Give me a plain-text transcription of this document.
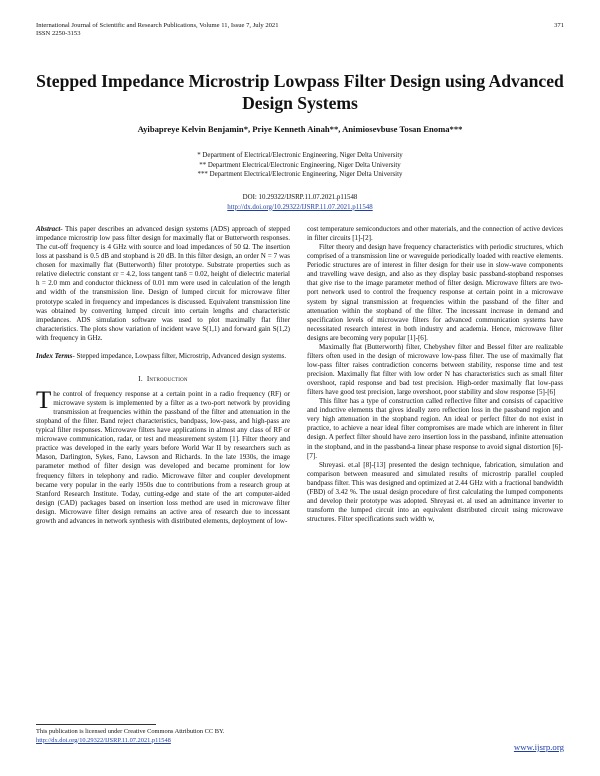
International Journal of Scientific and Research Publications, Volume 11, Issue 7, July 2021
ISSN 2250-3153
371
Stepped Impedance Microstrip Lowpass Filter Design using Advanced Design Systems
Ayibapreye Kelvin Benjamin*, Priye Kenneth Ainah**, Animiosevbuse Tosan Enoma***
* Department of Electrical/Electronic Engineering, Niger Delta University
** Department Electrical/Electronic Engineering, Niger Delta University
*** Department Electrical/Electronic Engineering, Niger Delta University
DOI: 10.29322/IJSRP.11.07.2021.p11548
http://dx.doi.org/10.29322/IJSRP.11.07.2021.p11548

Abstract- This paper describes an advanced design systems (ADS) approach of stepped impedance microstrip low pass filter design for maximally flat or Butterworth responses. The cut-off frequency is 4 GHz with source and load impedances of 50 Ω. The insertion loss at passband is 0.5 dB and stopband is 20 dB. In this filter design, an order N = 7 was chosen for maximally flat (Butterworth) filter prototype. Substrate properties such as relative dielectric constant εr = 4.2, loss tangent tanδ = 0.02, height of dielectric material h = 2.0 mm and conductor thickness of 0.01 mm were used in calculation of the length and width of the transmission line. Design of lumped circuit for microwave filter prototype scaled in frequency and impedances is discussed. Equivalent transmission line was obtained by converting lumped circuit into certain lengths and characteristic impedances. ADS simulation software was used to plot maximally flat filter characteristics. The plots show variation of incident wave S(1,1) and forward gain S(1,2) with frequency in GHz.

Index Terms- Stepped impedance, Lowpass filter, Microstrip, Advanced design systems.

I. Introduction

The control of frequency response at a certain point in a radio frequency (RF) or microwave system is implemented by a filter as a two-port network by providing transmission at frequencies within the passband of the filter and attenuation in the stopband of the filter. Band reject characteristics, bandpass, low-pass, and high-pass are typical filter responses. Microwave filters have applications in almost any class of RF or microwave communication, radar, or test and measurement system [1]. Filter theory and practice was developed in the early years before World War II by researchers such as Mason, Darlington, Sykes, Fano, Lawson and Richards. In the late 1930s, the image parameter method of filter design was developed and became prominent for low frequency filters in telephony and radio. Microwave filter and coupler development became very popular in the early 1950s due to contributions from a research group at Stanford Research Institute. Today, cutting-edge and state of the art computer-aided design (CAD) packages based on insertion loss method are used in microwave filter design. Microwave filter design remains an active area of research due to incessant growth and advances in network synthesis with distributed elements, deployment of low-

cost temperature semiconductors and other materials, and the connection of active devices in filter circuits [1]-[2].

Filter theory and design have frequency characteristics with periodic structures, which comprised of a transmission line or waveguide periodically loaded with reactive elements. Periodic structures are of interest in filter design for their use in slow-wave components and travelling wave design, and also as they display basic passband-stopband responses that give rise to the image parameter method of filter design. Microwave filters are two-port network used to control the frequency response at certain point in a microwave system by signal transmission at frequencies within the passband of the filter and attenuation within the stopband of the filter. The incessant increase in demand and specification levels of microwave filters for advanced communication systems have necessitated research interest in both industry and academia. Hence, microwave filter designs are becoming very popular [1]-[6].

Maximally flat (Butterworth) filter, Chebyshev filter and Bessel filter are realizable filters often used in the design of microwave low-pass filter. The use of maximally flat low-pass filter raises contradiction concerns between stability, response time and test precision. Maximally flat filter with low order N has characteristics such as small filter overshoot, rapid response and bad test precision. High-order maximally flat low-pass filters have good test precision, large overshoot, poor stability and slow response [5]-[6]

This filter has a type of construction called reflective filter and consists of capacitive and inductive elements that gives ideally zero reflection loss in the passband region and very high attenuation in the stopband region. An ideal or perfect filter do not exist in practice, to achieve a near ideal filter compromises are made which are inherent in filter design. A perfect filter should have zero insertion loss in the passband, infinite attenuation in the stopband, and in the passband-a linear phase response to avoid signal distortion [6]-[7].

Shreyasi. et.al [8]-[13] presented the design technique, fabrication, simulation and comparison between measured and simulated results of microstrip parallel coupled bandpass filter. This was designed and optimized at 2.44 GHz with a fractional bandwidth (FBD) of 3.42 %. The usual design procedure of first calculating the lumped components and develop their prototype was adopted. Shreyasi et. al used an admittance inverter to transform the lumped circuit into an equivalent distributed circuit using microwave structures. Filter specifications such width w,

This publication is licensed under Creative Commons Attribution CC BY.
http://dx.doi.org/10.29322/IJSRP.11.07.2021.p11548
www.ijsrp.org
